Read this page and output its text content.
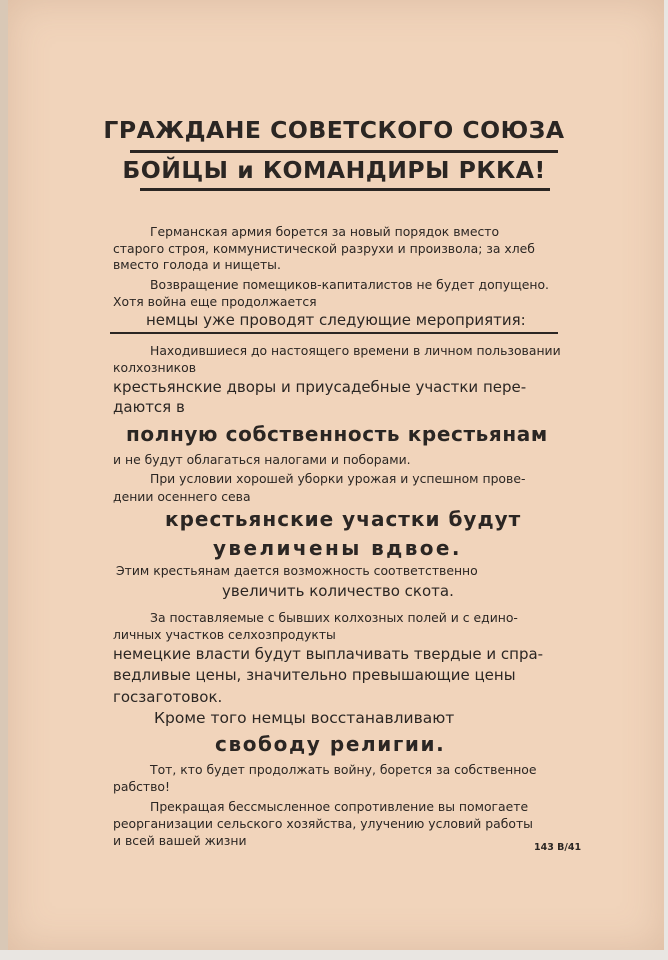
ГРАЖДАНЕ СОВЕТСКОГО СОЮЗА
БОЙЦЫ и КОМАНДИРЫ РККА!
Германская армия борется за новый порядок вместо
старого строя, коммунистической разрухи и произвола; за хлеб
вместо голода и нищеты.
Возвращение помещиков-капиталистов не будет допущено.
Хотя война еще продолжается
немцы уже проводят следующие мероприятия:
Находившиеся до настоящего времени в личном пользовании
колхозников
крестьянские дворы и приусадебные участки пере-
даются в
полную собственность крестьянам
и не будут облагаться налогами и поборами.
При условии хорошей уборки урожая и успешном прове-
дении осеннего сева
крестьянские участки будут
увеличены вдвое.
Этим крестьянам дается возможность соответственно
увеличить количество скота.
За поставляемые с бывших колхозных полей и с едино-
личных участков селхозпродукты
немецкие власти будут выплачивать твердые и спра-
ведливые цены, значительно превышающие цены
госзаготовок.
Кроме того немцы восстанавливают
свободу религии.
Тот, кто будет продолжать войну, борется за собственное
рабство!
Прекращая бессмысленное сопротивление вы помогаете
реорганизации сельского хозяйства, улучению условий работы
и всей вашей жизни	143 В/41
